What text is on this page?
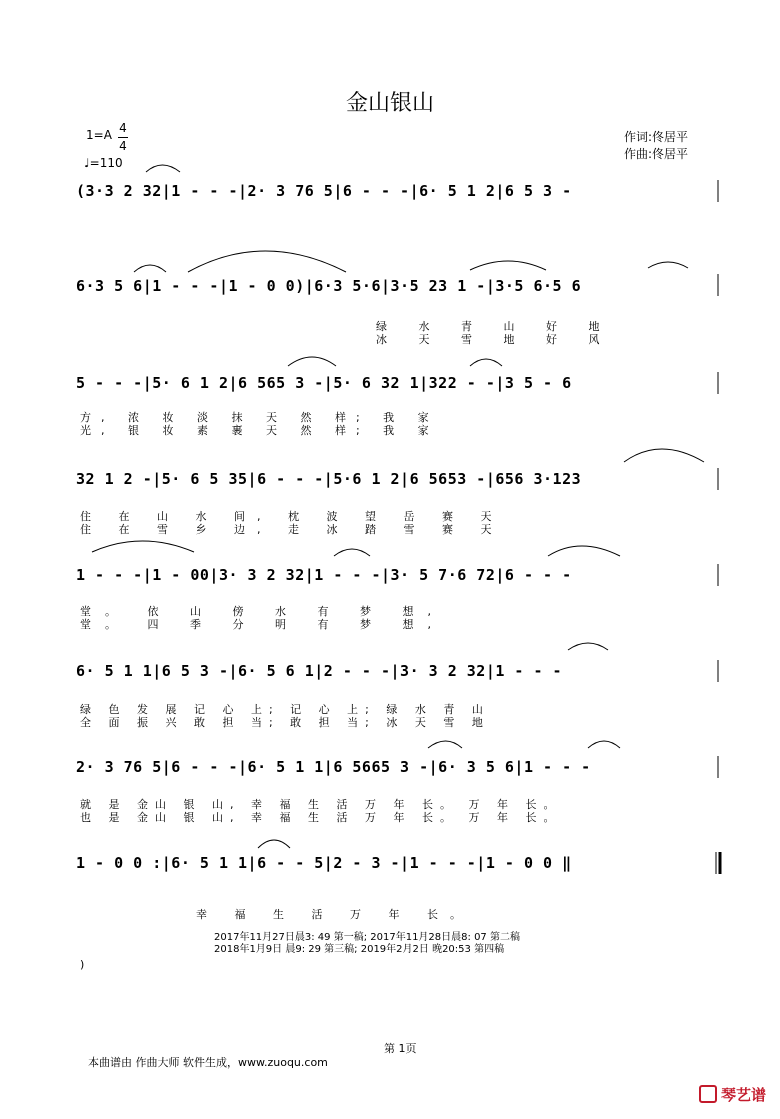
金山银山
1=A 4
4
♩=110
作词:佟居平
作曲:佟居平
(3·3 2 32|1 - - -|2· 3 76 5|6 - - -|6· 5 1 2|6 5 3 -
6·3 5 6|1 - - -|1 - 0 0)|6·3 5·6|3·5 23 1 -|3·5 6·5 6
绿 水 青 山 好 地
冰 天 雪 地 好 风
5 - - -|5· 6 1 2|6 565 3 -|5· 6 32 1|322 - -|3 5 - 6
方, 浓 妆 淡 抹 天 然 样; 我 家
光, 银 妆 素 裹 天 然 样; 我 家
32 1 2 -|5· 6 5 35|6 - - -|5·6 1 2|6 5653 -|656 3·123
住 在 山 水 间, 枕 波 望 岳 赛 天
住 在 雪 乡 边, 走 冰 踏 雪 赛 天
1 - - -|1 - 00|3· 3 2 32|1 - - -|3· 5 7·6 72|6 - - -
堂。 依 山 傍 水 有 梦 想,
堂。 四 季 分 明 有 梦 想,
6· 5 1 1|6 5 3 -|6· 5 6 1|2 - - -|3· 3 2 32|1 - - -
绿 色 发 展 记 心 上; 记 心 上; 绿 水 青 山
全 面 振 兴 敢 担 当; 敢 担 当; 冰 天 雪 地
2· 3 76 5|6 - - -|6· 5 1 1|6 5665 3 -|6· 3 5 6|1 - - -
就 是 金山 银 山, 幸 福 生 活 万 年 长。 万 年 长。
也 是 金山 银 山, 幸 福 生 活 万 年 长。 万 年 长。
1 - 0 0 :|6· 5 1 1|6 - - 5|2 - 3 -|1 - - -|1 - 0 0 ‖
幸 福 生 活 万 年 长。
2017年11月27日晨3: 49 第一稿; 2017年11月28日晨8: 07 第二稿
2018年1月9日 晨9: 29 第三稿; 2019年2月2日 晚20:53 第四稿
)
第 1页
本曲谱由 作曲大师 软件生成，www.zuoqu.com
琴艺谱
